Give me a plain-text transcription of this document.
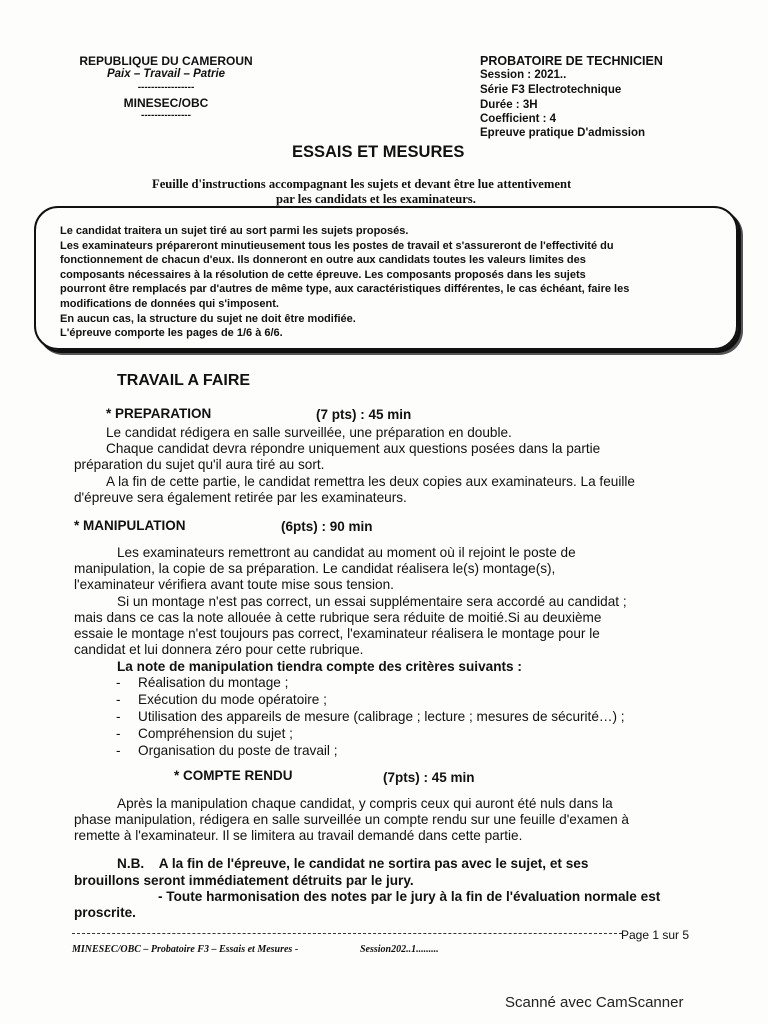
REPUBLIQUE DU CAMEROUN
Paix – Travail – Patrie
-----------------
MINESEC/OBC
---------------
PROBATOIRE DE TECHNICIEN
Session : 2021..
Série F3 Electrotechnique
Durée : 3H
Coefficient : 4
Epreuve pratique D'admission
ESSAIS ET MESURES
Feuille d'instructions accompagnant les sujets et devant être lue attentivement
par les candidats et les examinateurs.
Le candidat traitera un sujet tiré au sort parmi les sujets proposés.
Les examinateurs prépareront minutieusement tous les postes de travail et s'assureront de l'effectivité du
fonctionnement de chacun d'eux. Ils donneront en outre aux candidats toutes les valeurs limites des
composants nécessaires à la résolution de cette épreuve. Les composants proposés dans les sujets
pourront être remplacés par d'autres de même type, aux caractéristiques différentes, le cas échéant, faire les
modifications de données qui s'imposent.
En aucun cas, la structure du sujet ne doit être modifiée.
L'épreuve comporte les pages de 1/6 à 6/6.
TRAVAIL A FAIRE
* PREPARATION	(7 pts) : 45 min
Le candidat rédigera en salle surveillée, une préparation en double.
Chaque candidat devra répondre uniquement aux questions posées dans la partie
préparation du sujet qu'il aura tiré au sort.
A la fin de cette partie, le candidat remettra les deux copies aux examinateurs. La feuille
d'épreuve sera également retirée par les examinateurs.
* MANIPULATION	(6pts) : 90 min
Les examinateurs remettront au candidat au moment où il rejoint le poste de
manipulation, la copie de sa préparation. Le candidat réalisera le(s) montage(s),
l'examinateur vérifiera avant toute mise sous tension.
Si un montage n'est pas correct, un essai supplémentaire sera accordé au candidat ;
mais dans ce cas la note allouée à cette rubrique sera réduite de moitié.Si au deuxième
essaie le montage n'est toujours pas correct, l'examinateur réalisera le montage pour le
candidat et lui donnera zéro pour cette rubrique.
La note de manipulation tiendra compte des critères suivants :
- Réalisation du montage ;
- Exécution du mode opératoire ;
- Utilisation des appareils de mesure (calibrage ; lecture ; mesures de sécurité…) ;
- Compréhension du sujet ;
- Organisation du poste de travail ;
* COMPTE RENDU	(7pts) : 45 min
Après la manipulation chaque candidat, y compris ceux qui auront été nuls dans la
phase manipulation, rédigera en salle surveillée un compte rendu sur une feuille d'examen à
remette à l'examinateur. Il se limitera au travail demandé dans cette partie.
N.B.    A la fin de l'épreuve, le candidat ne sortira pas avec le sujet, et ses
brouillons seront immédiatement détruits par le jury.
- Toute harmonisation des notes par le jury à la fin de l'évaluation normale est
proscrite.
Page 1 sur 5
MINESEC/OBC – Probatoire F3 – Essais et Mesures -	Session202..1.........
Scanné avec CamScanner
